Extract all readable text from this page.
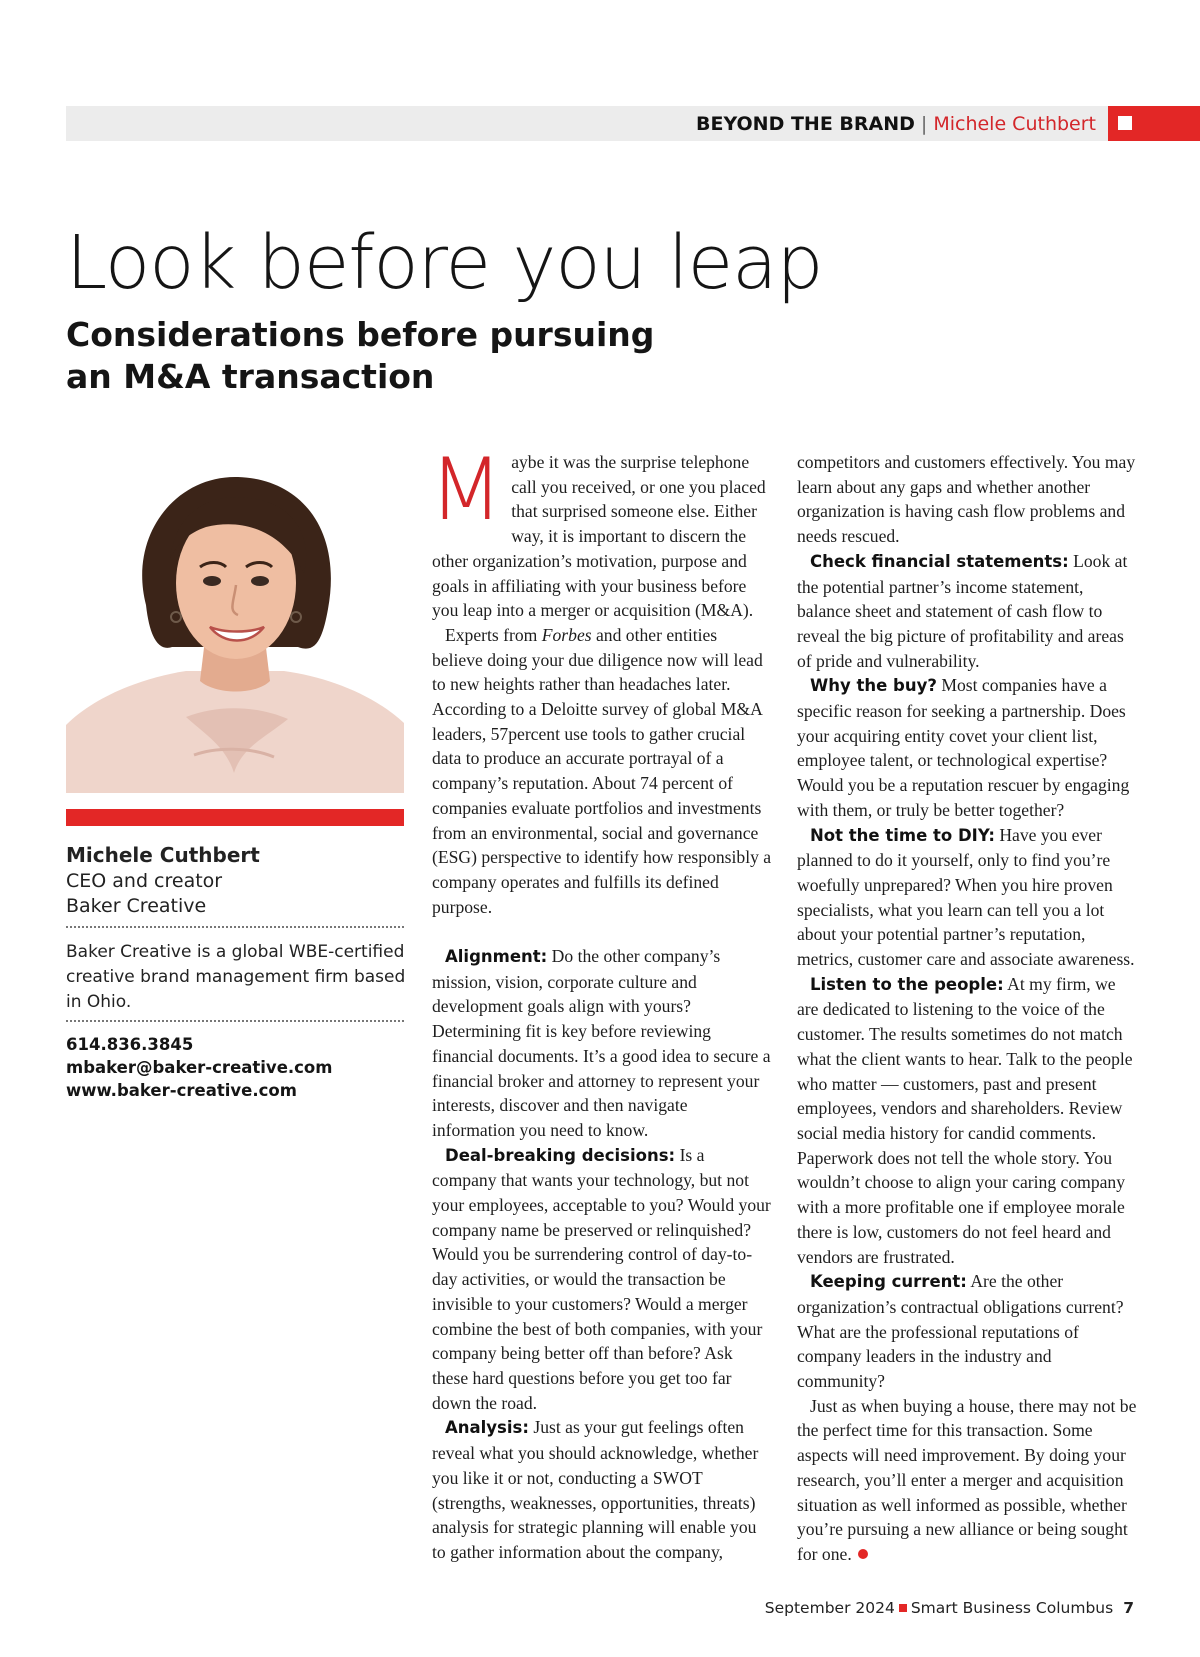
BEYOND THE BRAND | Michele Cuthbert
Look before you leap
Considerations before pursuing an M&A transaction
Michele Cuthbert
CEO and creator
Baker Creative
Baker Creative is a global WBE-certified creative brand management firm based in Ohio.
614.836.3845
mbaker@baker-creative.com
www.baker-creative.com

Maybe it was the surprise telephone call you received, or one you placed that surprised someone else. Either way, it is important to discern the other organization’s motivation, purpose and goals in affiliating with your business before you leap into a merger or acquisition (M&A).

Experts from Forbes and other entities believe doing your due diligence now will lead to new heights rather than headaches later. According to a Deloitte survey of global M&A leaders, 57percent use tools to gather crucial data to produce an accurate portrayal of a company’s reputation. About 74 percent of companies evaluate portfolios and investments from an environmental, social and governance (ESG) perspective to identify how responsibly a company operates and fulfills its defined purpose.

Alignment: Do the other company’s mission, vision, corporate culture and development goals align with yours? Determining fit is key before reviewing financial documents. It’s a good idea to secure a financial broker and attorney to represent your interests, discover and then navigate information you need to know.

Deal-breaking decisions: Is a company that wants your technology, but not your employees, acceptable to you? Would your company name be preserved or relinquished? Would you be surrendering control of day-to-day activities, or would the transaction be invisible to your customers? Would a merger combine the best of both companies, with your company being better off than before? Ask these hard questions before you get too far down the road.

Analysis: Just as your gut feelings often reveal what you should acknowledge, whether you like it or not, conducting a SWOT (strengths, weaknesses, opportunities, threats) analysis for strategic planning will enable you to gather information about the company,

competitors and customers effectively. You may learn about any gaps and whether another organization is having cash flow problems and needs rescued.

Check financial statements: Look at the potential partner’s income statement, balance sheet and statement of cash flow to reveal the big picture of profitability and areas of pride and vulnerability.

Why the buy? Most companies have a specific reason for seeking a partnership. Does your acquiring entity covet your client list, employee talent, or technological expertise? Would you be a reputation rescuer by engaging with them, or truly be better together?

Not the time to DIY: Have you ever planned to do it yourself, only to find you’re woefully unprepared? When you hire proven specialists, what you learn can tell you a lot about your potential partner’s reputation, metrics, customer care and associate awareness.

Listen to the people: At my firm, we are dedicated to listening to the voice of the customer. The results sometimes do not match what the client wants to hear. Talk to the people who matter — customers, past and present employees, vendors and shareholders. Review social media history for candid comments. Paperwork does not tell the whole story. You wouldn’t choose to align your caring company with a more profitable one if employee morale there is low, customers do not feel heard and vendors are frustrated.

Keeping current: Are the other organization’s contractual obligations current? What are the professional reputations of company leaders in the industry and community?

Just as when buying a house, there may not be the perfect time for this transaction. Some aspects will need improvement. By doing your research, you’ll enter a merger and acquisition situation as well informed as possible, whether you’re pursuing a new alliance or being sought for one.

September 2024 Smart Business Columbus 7
